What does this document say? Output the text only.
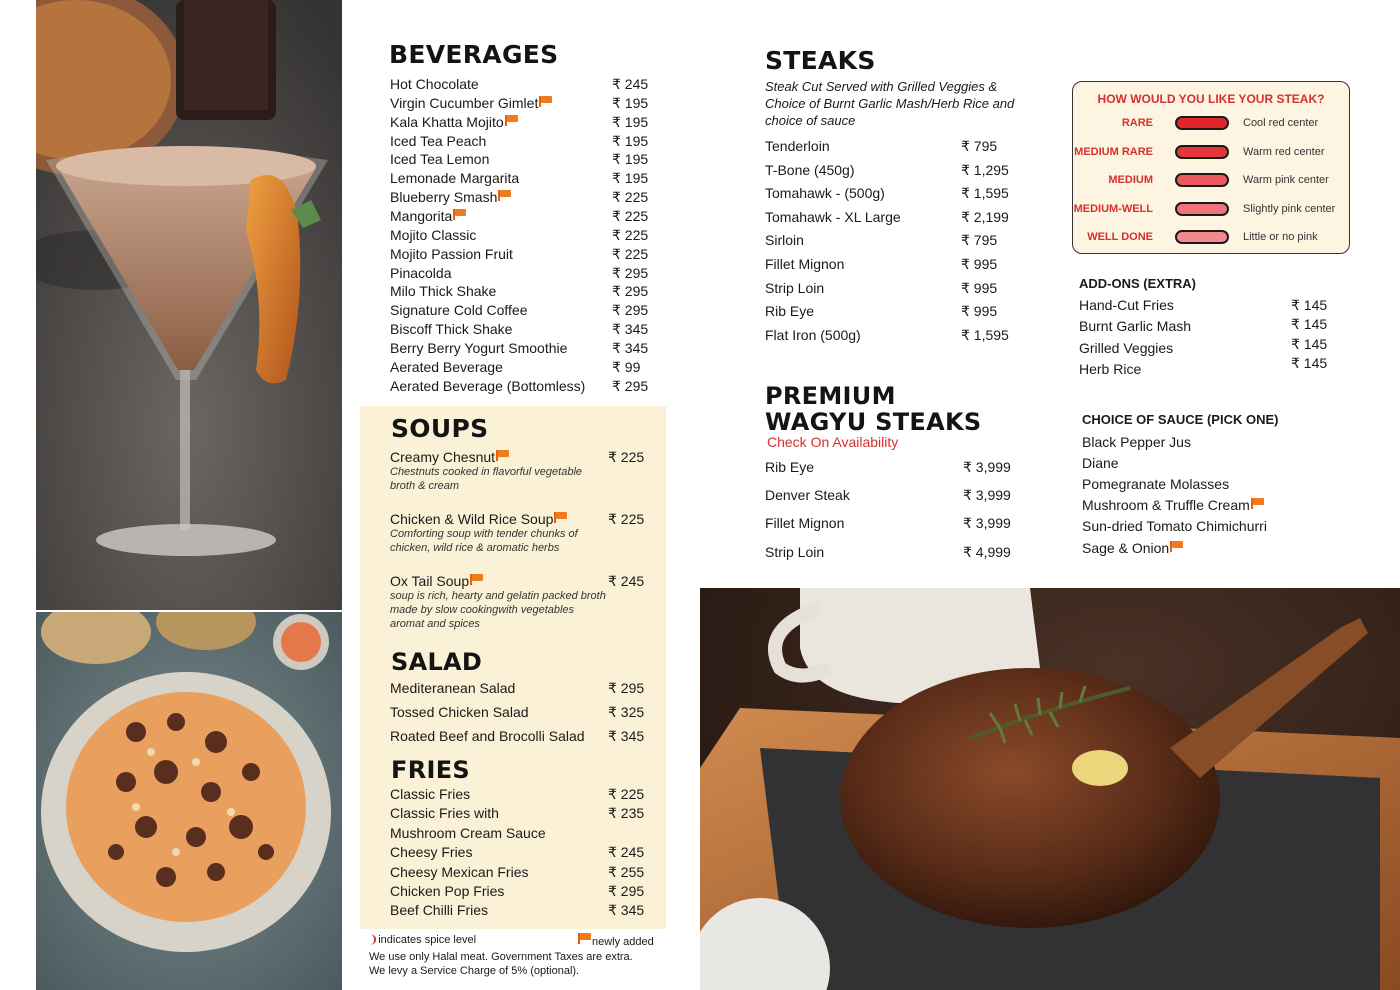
BEVERAGES
Hot Chocolate	₹ 245
Virgin Cucumber Gimlet	₹ 195
Kala Khatta Mojito	₹ 195
Iced Tea Peach	₹ 195
Iced Tea Lemon	₹ 195
Lemonade Margarita	₹ 195
Blueberry Smash	₹ 225
Mangorita	₹ 225
Mojito Classic	₹ 225
Mojito Passion Fruit	₹ 225
Pinacolda	₹ 295
Milo Thick Shake	₹ 295
Signature Cold Coffee	₹ 295
Biscoff Thick Shake	₹ 345
Berry Berry Yogurt Smoothie	₹ 345
Aerated Beverage	₹ 99
Aerated Beverage (Bottomless) ₹ 295
SOUPS
Creamy Chesnut	₹ 225
Chestnuts cooked in flavorful vegetable broth & cream
Chicken & Wild Rice Soup	₹ 225
Comforting soup with tender chunks of chicken, wild rice & aromatic herbs
Ox Tail Soup	₹ 245
soup is rich, hearty and gelatin packed broth made by slow cookingwith vegetables aromat and spices
SALAD
Mediteranean Salad	₹ 295
Tossed Chicken Salad	₹ 325
Roated Beef and Brocolli Salad ₹ 345
FRIES
Classic Fries	₹ 225
Classic Fries with	₹ 235
Mushroom Cream Sauce
Cheesy Fries	₹ 245
Cheesy Mexican Fries	₹ 255
Chicken Pop Fries	₹ 295
Beef Chilli Fries	₹ 345
❩indicates spice level	newly added
We use only Halal meat. Government Taxes are extra.
We levy a Service Charge of 5% (optional).
STEAKS
Steak Cut Served with Grilled Veggies & Choice of Burnt Garlic Mash/Herb Rice and choice of sauce
Tenderloin	₹ 795
T-Bone (450g)	₹ 1,295
Tomahawk - (500g)	₹ 1,595
Tomahawk - XL Large	₹ 2,199
Sirloin	₹ 795
Fillet Mignon	₹ 995
Strip Loin	₹ 995
Rib Eye	₹ 995
Flat Iron (500g)	₹ 1,595
PREMIUM
WAGYU STEAKS
Check On Availability
Rib Eye	₹ 3,999
Denver Steak	₹ 3,999
Fillet Mignon	₹ 3,999
Strip Loin	₹ 4,999
HOW WOULD YOU LIKE YOUR STEAK?
RARE	Cool red center
MEDIUM RARE	Warm red center
MEDIUM	Warm pink center
MEDIUM-WELL	Slightly pink center
WELL DONE	Little or no pink
ADD-ONS (EXTRA)
Hand-Cut Fries	₹ 145
Burnt Garlic Mash	₹ 145
Grilled Veggies	₹ 145
Herb Rice	₹ 145
CHOICE OF SAUCE (PICK ONE)
Black Pepper Jus
Diane
Pomegranate Molasses
Mushroom & Truffle Cream
Sun-dried Tomato Chimichurri
Sage & Onion
